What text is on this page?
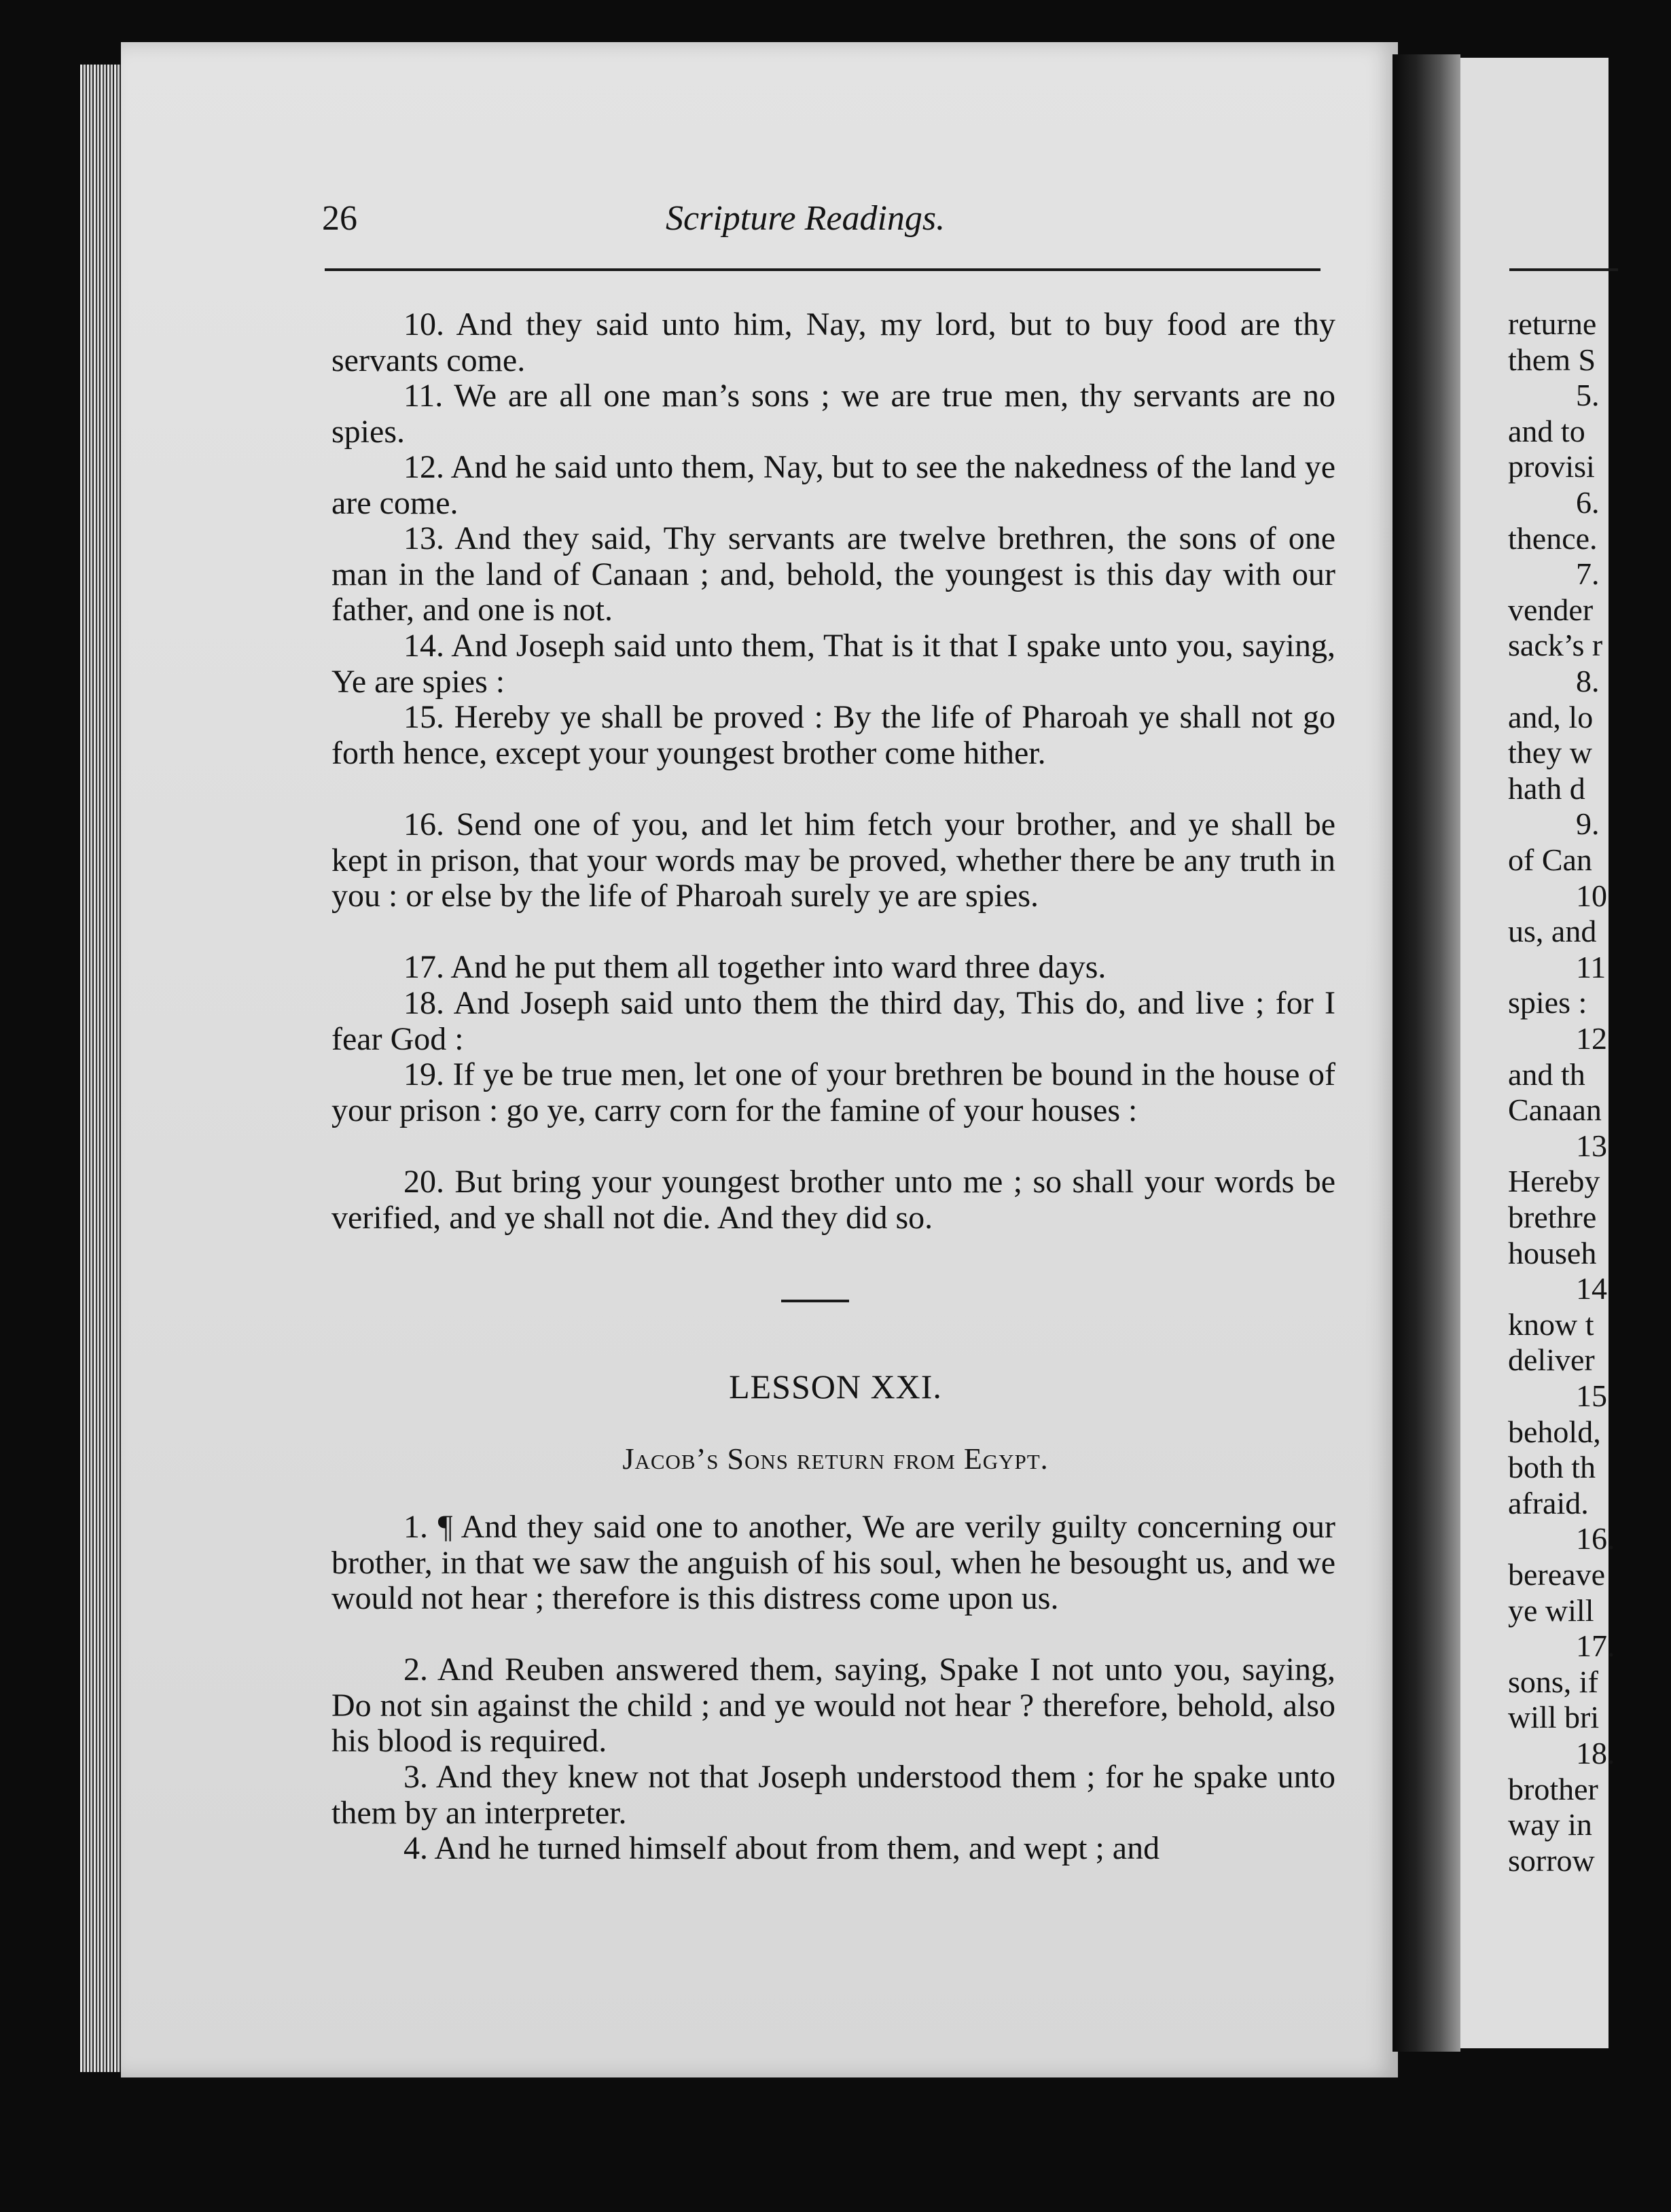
26	Scripture Readings.

10. And they said unto him, Nay, my lord, but to buy food are thy servants come.

11. We are all one man’s sons ; we are true men, thy servants are no spies.

12. And he said unto them, Nay, but to see the nakedness of the land ye are come.

13. And they said, Thy servants are twelve brethren, the sons of one man in the land of Canaan ; and, behold, the youngest is this day with our father, and one is not.

14. And Joseph said unto them, That is it that I spake unto you, saying, Ye are spies :

15. Hereby ye shall be proved : By the life of Pharoah ye shall not go forth hence, except your youngest brother come hither.

16. Send one of you, and let him fetch your brother, and ye shall be kept in prison, that your words may be proved, whether there be any truth in you : or else by the life of Pharoah surely ye are spies.

17. And he put them all together into ward three days.

18. And Joseph said unto them the third day, This do, and live ; for I fear God :

19. If ye be true men, let one of your brethren be bound in the house of your prison : go ye, carry corn for the famine of your houses :

20. But bring your youngest brother unto me ; so shall your words be verified, and ye shall not die. And they did so.

LESSON XXI.
Jacob’s Sons return from Egypt.

1. ¶ And they said one to another, We are verily guilty concerning our brother, in that we saw the anguish of his soul, when he besought us, and we would not hear ; therefore is this distress come upon us.

2. And Reuben answered them, saying, Spake I not unto you, saying, Do not sin against the child ; and ye would not hear ? therefore, behold, also his blood is required.

3. And they knew not that Joseph understood them ; for he spake unto them by an interpreter.

4. And he turned himself about from them, and wept ; and

returne
them S
5.
and to
provisi
6.
thence.
7.
vender
sack’s r
8.
and, lo
they w
hath d
9.
of Can
10
us, and
11
spies :
12
and th
Canaan
13
Hereby
brethre
househ
14
know t
deliver
15
behold,
both th
afraid.
16.
bereave
ye will
17.
sons, if
will bri
18.
brother
way in
sorrow
